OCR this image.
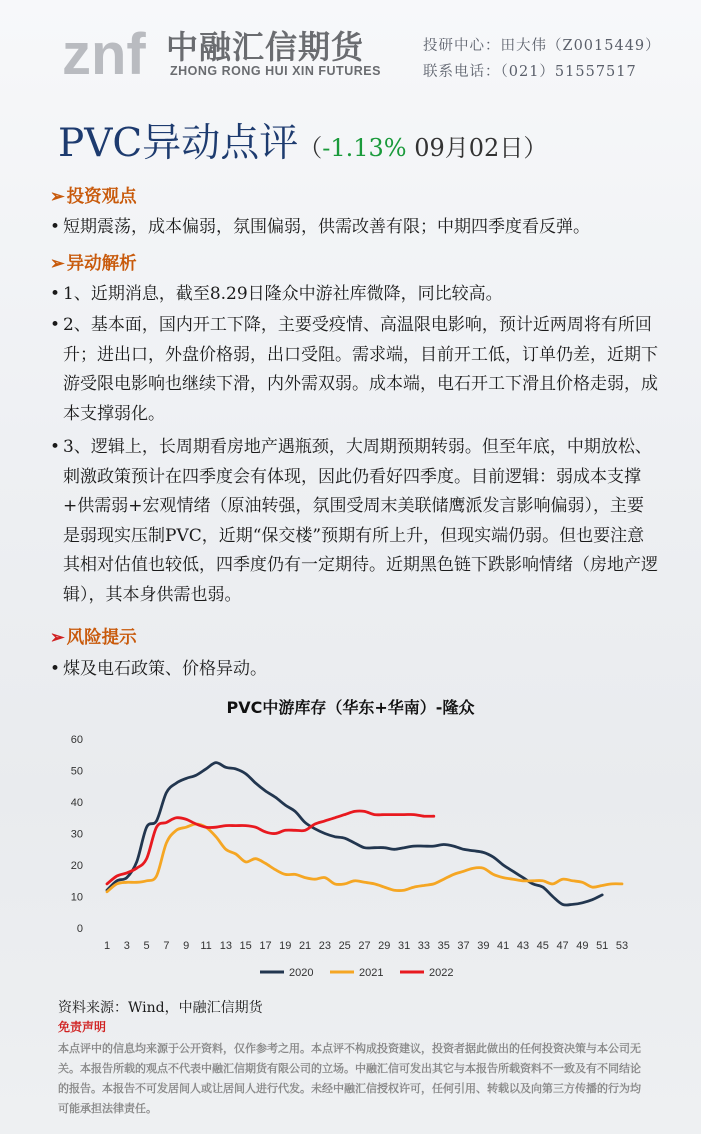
znf 中融汇信期货
ZHONG RONG HUI XIN FUTURES
投研中心：田大伟（Z0015449）
联系电话：（021）51557517
PVC异动点评（-1.13% 09月02日）
➢ 投资观点
• 短期震荡，成本偏弱，氛围偏弱，供需改善有限；中期四季度看反弹。
➢ 异动解析
• 1、近期消息，截至8.29日隆众中游社库微降，同比较高。
• 2、基本面，国内开工下降，主要受疫情、高温限电影响，预计近两周将有所回升；进出口，外盘价格弱，出口受阻。需求端，目前开工低，订单仍差，近期下游受限电影响也继续下滑，内外需双弱。成本端，电石开工下滑且价格走弱，成本支撑弱化。
• 3、逻辑上，长周期看房地产遇瓶颈，大周期预期转弱。但至年底，中期放松、刺激政策预计在四季度会有体现，因此仍看好四季度。目前逻辑：弱成本支撑+供需弱+宏观情绪（原油转强，氛围受周末美联储鹰派发言影响偏弱），主要是弱现实压制PVC，近期“保交楼”预期有所上升，但现实端仍弱。但也要注意其相对估值也较低，四季度仍有一定期待。近期黑色链下跌影响情绪（房地产逻辑），其本身供需也弱。
➢ 风险提示
• 煤及电石政策、价格异动。
PVC中游库存（华东+华南）-隆众
0
10
20
30
40
50
60
1 3 5 7 9 11 13 15 17 19 21 23 25 27 29 31 33 35 37 39 41 43 45 47 49 51 53
2020	2021	2022
资料来源：Wind，中融汇信期货
免责声明
本点评中的信息均来源于公开资料，仅作参考之用。本点评不构成投资建议，投资者据此做出的任何投资决策与本公司无关。本报告所载的观点不代表中融汇信期货有限公司的立场。中融汇信可发出其它与本报告所载资料不一致及有不同结论的报告。本报告不可发居间人或让居间人进行代发。未经中融汇信授权许可，任何引用、转载以及向第三方传播的行为均可能承担法律责任。
